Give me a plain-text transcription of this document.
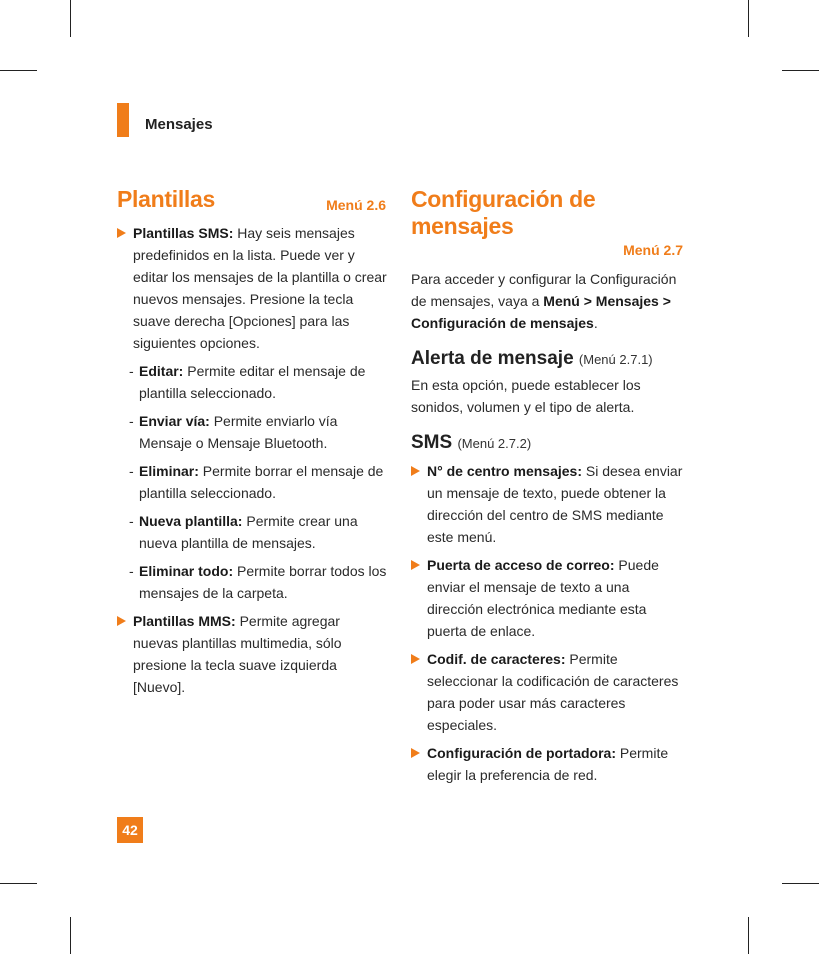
Mensajes
Plantillas	Menú 2.6
Plantillas SMS: Hay seis mensajes predefinidos en la lista. Puede ver y editar los mensajes de la plantilla o crear nuevos mensajes. Presione la tecla suave derecha [Opciones] para las siguientes opciones.
- Editar: Permite editar el mensaje de plantilla seleccionado.
- Enviar vía: Permite enviarlo vía Mensaje o Mensaje Bluetooth.
- Eliminar: Permite borrar el mensaje de plantilla seleccionado.
- Nueva plantilla: Permite crear una nueva plantilla de mensajes.
- Eliminar todo: Permite borrar todos los mensajes de la carpeta.
Plantillas MMS: Permite agregar nuevas plantillas multimedia, sólo presione la tecla suave izquierda [Nuevo].
Configuración de mensajes
Menú 2.7

Para acceder y configurar la Configuración de mensajes, vaya a Menú > Mensajes > Configuración de mensajes.

Alerta de mensaje (Menú 2.7.1)

En esta opción, puede establecer los sonidos, volumen y el tipo de alerta.

SMS (Menú 2.7.2)
N° de centro mensajes: Si desea enviar un mensaje de texto, puede obtener la dirección del centro de SMS mediante este menú.
Puerta de acceso de correo: Puede enviar el mensaje de texto a una dirección electrónica mediante esta puerta de enlace.
Codif. de caracteres: Permite seleccionar la codificación de caracteres para poder usar más caracteres especiales.
Configuración de portadora: Permite elegir la preferencia de red.
42
